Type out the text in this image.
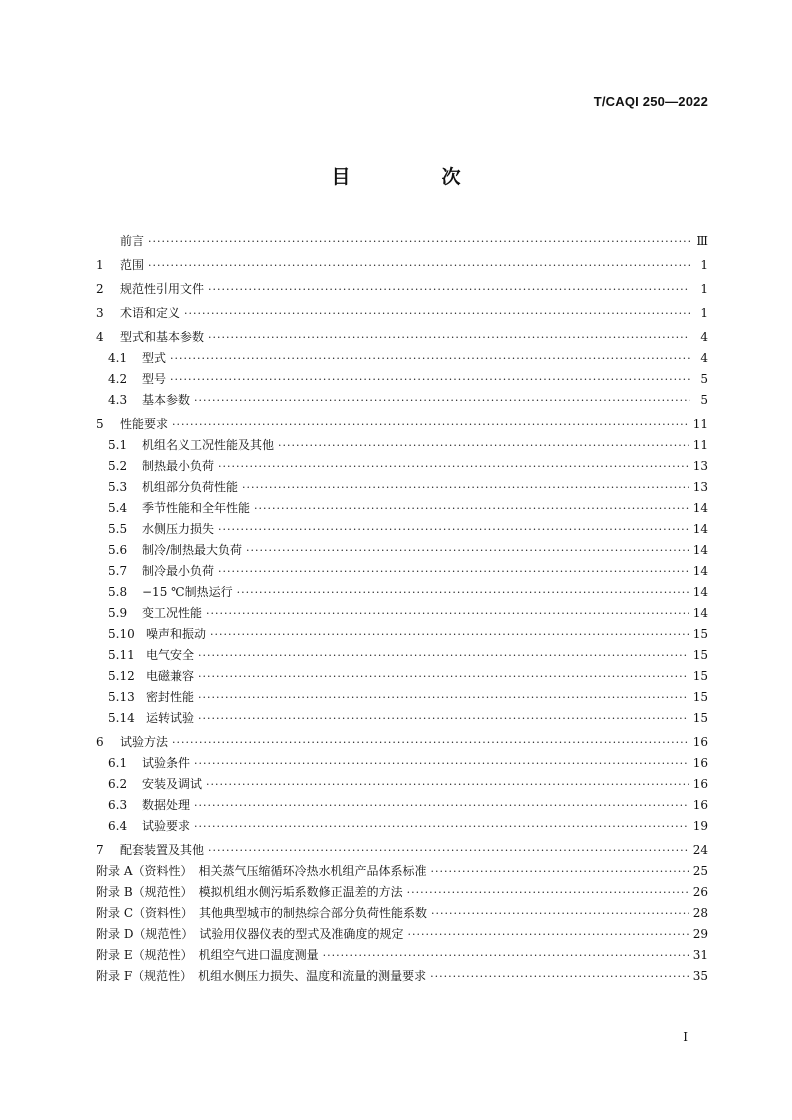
T/CAQI 250—2022
目　次
前言 ·····	Ⅲ
1	范围 ·····	1
2	规范性引用文件 ·····	1
3	术语和定义 ·····	1
4	型式和基本参数 ·····	4
4.1	型式 ·····	4
4.2	型号 ·····	5
4.3	基本参数 ·····	5
5	性能要求 ·····	11
5.1	机组名义工况性能及其他 ·····	11
5.2	制热最小负荷 ·····	13
5.3	机组部分负荷性能 ·····	13
5.4	季节性能和全年性能 ·····	14
5.5	水侧压力损失 ·····	14
5.6	制冷/制热最大负荷 ·····	14
5.7	制冷最小负荷 ·····	14
5.8	−15 ℃制热运行 ·····	14
5.9	变工况性能 ·····	14
5.10 噪声和振动 ·····	15
5.11 电气安全 ·····	15
5.12 电磁兼容 ·····	15
5.13 密封性能 ·····	15
5.14 运转试验 ·····	15
6	试验方法 ·····	16
6.1	试验条件 ·····	16
6.2	安装及调试 ·····	16
6.3	数据处理 ·····	16
6.4	试验要求 ·····	19
7	配套装置及其他 ·····	24
附录 A（资料性）　相关蒸气压缩循环冷热水机组产品体系标准 ·····	25
附录 B（规范性）　模拟机组水侧污垢系数修正温差的方法 ·····	26
附录 C（资料性）　其他典型城市的制热综合部分负荷性能系数 ·····	28
附录 D（规范性）　试验用仪器仪表的型式及准确度的规定 ·····	29
附录 E（规范性）　机组空气进口温度测量 ·····	31
附录 F（规范性）　机组水侧压力损失、温度和流量的测量要求 ·····	35
I
